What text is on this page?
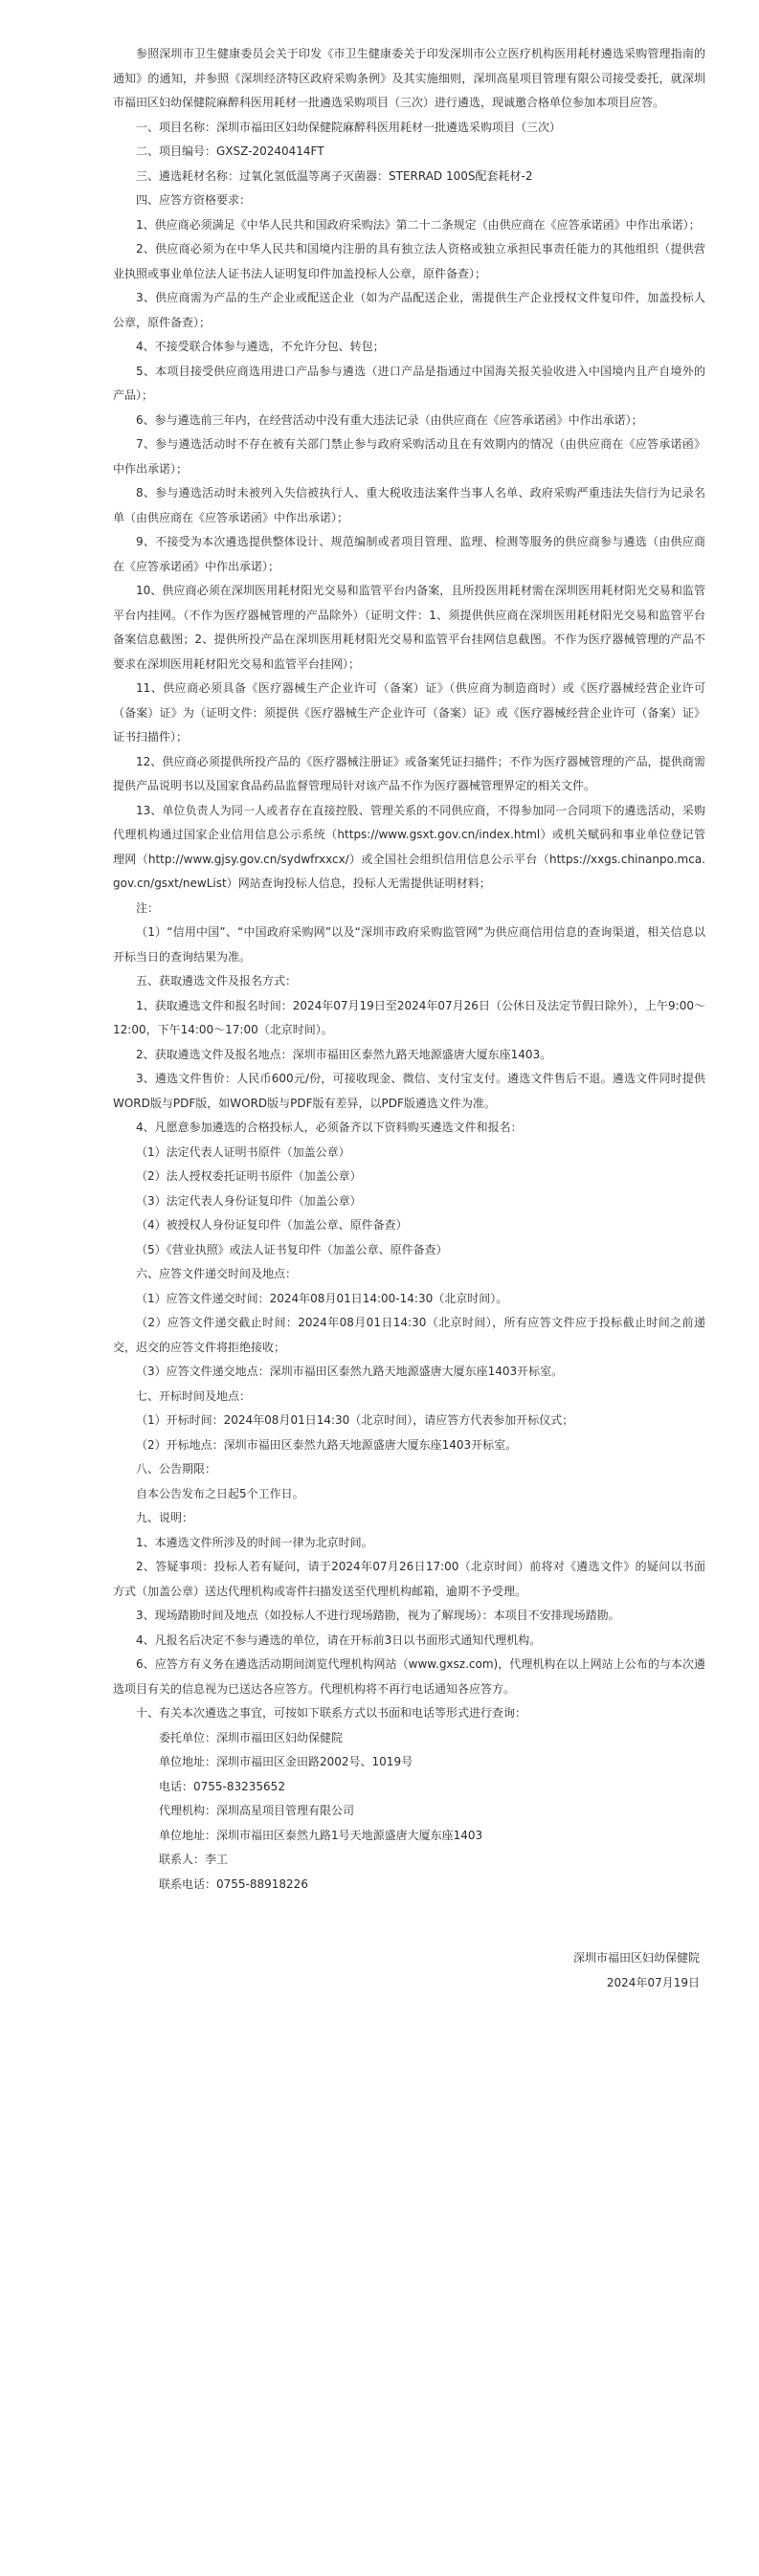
参照深圳市卫生健康委员会关于印发《市卫生健康委关于印发深圳市公立医疗机构医用耗材遴选采购管理指南的通知》的通知，并参照《深圳经济特区政府采购条例》及其实施细则，深圳高星项目管理有限公司接受委托，就深圳市福田区妇幼保健院麻醉科医用耗材一批遴选采购项目（三次）进行遴选，现诚邀合格单位参加本项目应答。

一、项目名称：深圳市福田区妇幼保健院麻醉科医用耗材一批遴选采购项目（三次）

二、项目编号：GXSZ-20240414FT

三、遴选耗材名称：过氧化氢低温等离子灭菌器：STERRAD 100S配套耗材-2

四、应答方资格要求：

1、供应商必须满足《中华人民共和国政府采购法》第二十二条规定（由供应商在《应答承诺函》中作出承诺）；

2、供应商必须为在中华人民共和国境内注册的具有独立法人资格或独立承担民事责任能力的其他组织（提供营业执照或事业单位法人证书法人证明复印件加盖投标人公章，原件备查）；

3、供应商需为产品的生产企业或配送企业（如为产品配送企业，需提供生产企业授权文件复印件，加盖投标人公章，原件备查）；

4、不接受联合体参与遴选，不允许分包、转包；

5、本项目接受供应商选用进口产品参与遴选（进口产品是指通过中国海关报关验收进入中国境内且产自境外的产品）；

6、参与遴选前三年内，在经营活动中没有重大违法记录（由供应商在《应答承诺函》中作出承诺）；

7、参与遴选活动时不存在被有关部门禁止参与政府采购活动且在有效期内的情况（由供应商在《应答承诺函》中作出承诺）；

8、参与遴选活动时未被列入失信被执行人、重大税收违法案件当事人名单、政府采购严重违法失信行为记录名单（由供应商在《应答承诺函》中作出承诺）；

9、不接受为本次遴选提供整体设计、规范编制或者项目管理、监理、检测等服务的供应商参与遴选（由供应商在《应答承诺函》中作出承诺）；

10、供应商必须在深圳医用耗材阳光交易和监管平台内备案，且所投医用耗材需在深圳医用耗材阳光交易和监管平台内挂网。（不作为医疗器械管理的产品除外）（证明文件：1、须提供供应商在深圳医用耗材阳光交易和监管平台备案信息截图；2、提供所投产品在深圳医用耗材阳光交易和监管平台挂网信息截图。不作为医疗器械管理的产品不要求在深圳医用耗材阳光交易和监管平台挂网）；

11、供应商必须具备《医疗器械生产企业许可（备案）证》（供应商为制造商时）或《医疗器械经营企业许可（备案）证》为（证明文件：须提供《医疗器械生产企业许可（备案）证》或《医疗器械经营企业许可（备案）证》证书扫描件）；

12、供应商必须提供所投产品的《医疗器械注册证》或备案凭证扫描件；不作为医疗器械管理的产品，提供商需提供产品说明书以及国家食品药品监督管理局针对该产品不作为医疗器械管理界定的相关文件。

13、单位负责人为同一人或者存在直接控股、管理关系的不同供应商，不得参加同一合同项下的遴选活动，采购代理机构通过国家企业信用信息公示系统（https://www.gsxt.gov.cn/index.html）或机关赋码和事业单位登记管理网（http://www.gjsy.gov.cn/sydwfrxxcx/）或全国社会组织信用信息公示平台（https://xxgs.chinanpo.mca.gov.cn/gsxt/newList）网站查询投标人信息，投标人无需提供证明材料；

注：

（1）“信用中国”、“中国政府采购网”以及“深圳市政府采购监管网”为供应商信用信息的查询渠道，相关信息以开标当日的查询结果为准。

五、获取遴选文件及报名方式：

1、获取遴选文件和报名时间：2024年07月19日至2024年07月26日（公休日及法定节假日除外），上午9:00～12:00，下午14:00～17:00（北京时间）。

2、获取遴选文件及报名地点：深圳市福田区泰然九路天地源盛唐大厦东座1403。

3、遴选文件售价：人民币600元/份，可接收现金、微信、支付宝支付。遴选文件售后不退。遴选文件同时提供WORD版与PDF版，如WORD版与PDF版有差异，以PDF版遴选文件为准。

4、凡愿意参加遴选的合格投标人，必须备齐以下资料购买遴选文件和报名：

（1）法定代表人证明书原件（加盖公章）

（2）法人授权委托证明书原件（加盖公章）

（3）法定代表人身份证复印件（加盖公章）

（4）被授权人身份证复印件（加盖公章、原件备查）

（5）《营业执照》或法人证书复印件（加盖公章、原件备查）

六、应答文件递交时间及地点：

（1）应答文件递交时间：2024年08月01日14:00-14:30（北京时间）。

（2）应答文件递交截止时间：2024年08月01日14:30（北京时间），所有应答文件应于投标截止时间之前递交，迟交的应答文件将拒绝接收；

（3）应答文件递交地点：深圳市福田区泰然九路天地源盛唐大厦东座1403开标室。

七、开标时间及地点：

（1）开标时间：2024年08月01日14:30（北京时间），请应答方代表参加开标仪式；

（2）开标地点：深圳市福田区泰然九路天地源盛唐大厦东座1403开标室。

八、公告期限：

自本公告发布之日起5个工作日。

九、说明：

1、本遴选文件所涉及的时间一律为北京时间。

2、答疑事项：投标人若有疑问，请于2024年07月26日17:00（北京时间）前将对《遴选文件》的疑问以书面方式（加盖公章）送达代理机构或寄件扫描发送至代理机构邮箱，逾期不予受理。

3、现场踏勘时间及地点（如投标人不进行现场踏勘，视为了解现场）：本项目不安排现场踏勘。

4、凡报名后决定不参与遴选的单位，请在开标前3日以书面形式通知代理机构。

6、应答方有义务在遴选活动期间浏览代理机构网站（www.gxsz.com)，代理机构在以上网站上公布的与本次遴选项目有关的信息视为已送达各应答方。代理机构将不再行电话通知各应答方。

十、有关本次遴选之事宜，可按如下联系方式以书面和电话等形式进行查询：

委托单位：深圳市福田区妇幼保健院

单位地址：深圳市福田区金田路2002号、1019号

电话：0755-83235652

代理机构：深圳高星项目管理有限公司

单位地址：深圳市福田区泰然九路1号天地源盛唐大厦东座1403

联系人：李工

联系电话：0755-88918226

深圳市福田区妇幼保健院

2024年07月19日
